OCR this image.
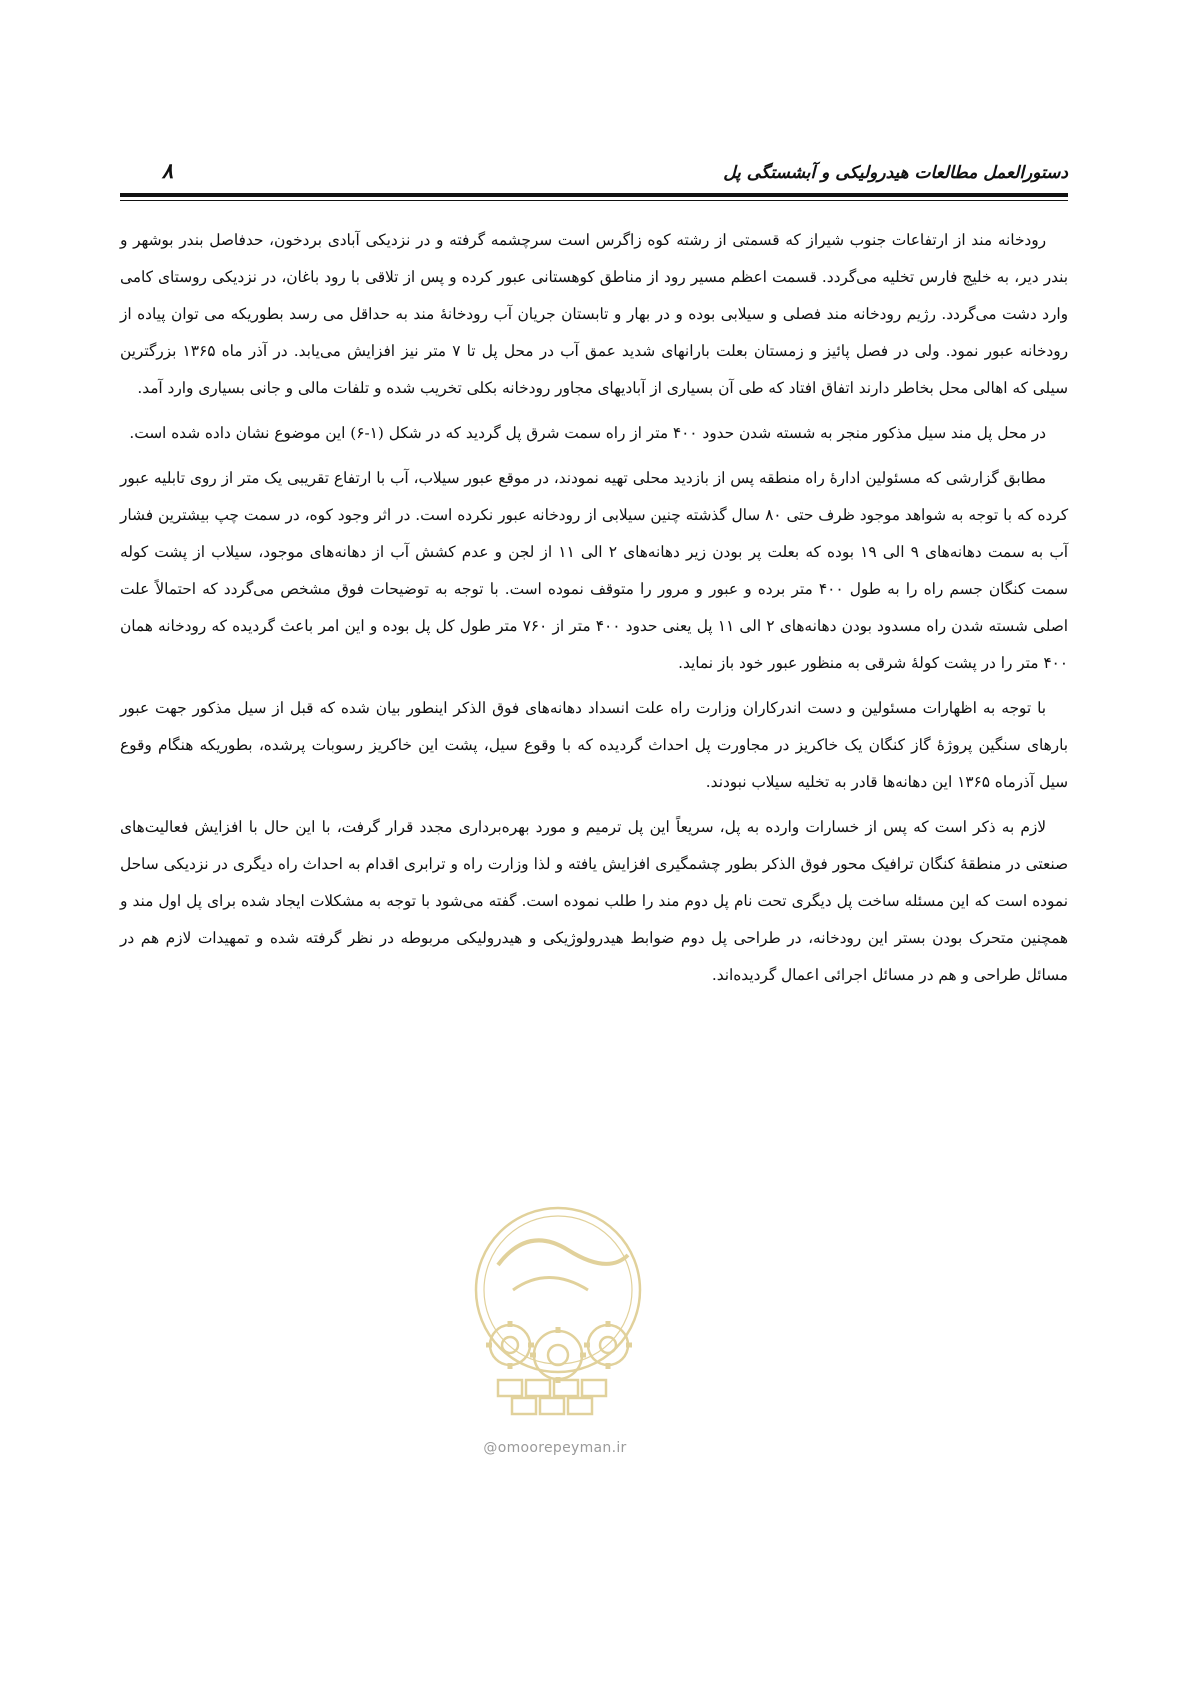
دستورالعمل مطالعات هیدرولیکی و آبشستگی پل
۸

رودخانه مند از ارتفاعات جنوب شیراز که قسمتی از رشته کوه زاگرس است سرچشمه گرفته و در نزدیکی آبادی بردخون، حدفاصل بندر بوشهر و بندر دیر، به خلیج فارس تخلیه می‌گردد. قسمت اعظم مسیر رود از مناطق کوهستانی عبور کرده و پس از تلاقی با رود باغان، در نزدیکی روستای کامی وارد دشت می‌گردد. رژیم رودخانه مند فصلی و سیلابی بوده و در بهار و تابستان جریان آب رودخانهٔ مند به حداقل می رسد بطوریکه می توان پیاده از رودخانه عبور نمود. ولی در فصل پائیز و زمستان بعلت بارانهای شدید عمق آب در محل پل تا ۷ متر نیز افزایش می‌یابد. در آذر ماه ۱۳۶۵ بزرگترین سیلی که اهالی محل بخاطر دارند اتفاق افتاد که طی آن بسیاری از آبادیهای مجاور رودخانه بکلی تخریب شده و تلفات مالی و جانی بسیاری وارد آمد.

در محل پل مند سیل مذکور منجر به شسته شدن حدود ۴۰۰ متر از راه سمت شرق پل گردید که در شکل (۱-۶) این موضوع نشان داده شده است.

مطابق گزارشی که مسئولین ادارهٔ راه منطقه پس از بازدید محلی تهیه نمودند، در موقع عبور سیلاب، آب با ارتفاع تقریبی یک متر از روی تابلیه عبور کرده که با توجه به شواهد موجود ظرف حتی ۸۰ سال گذشته چنین سیلابی از رودخانه عبور نکرده است. در اثر وجود کوه، در سمت چپ بیشترین فشار آب به سمت دهانه‌های ۹ الی ۱۹ بوده که بعلت پر بودن زیر دهانه‌های ۲ الی ۱۱ از لجن و عدم کشش آب از دهانه‌های موجود، سیلاب از پشت کوله سمت کنگان جسم راه را به طول ۴۰۰ متر برده و عبور و مرور را متوقف نموده است. با توجه به توضیحات فوق مشخص می‌گردد که احتمالاً علت اصلی شسته شدن راه مسدود بودن دهانه‌های ۲ الی ۱۱ پل یعنی حدود ۴۰۰ متر از ۷۶۰ متر طول کل پل بوده و این امر باعث گردیده که رودخانه همان ۴۰۰ متر را در پشت کولهٔ شرقی به منظور عبور خود باز نماید.

با توجه به اظهارات مسئولین و دست اندرکاران وزارت راه علت انسداد دهانه‌های فوق الذکر اینطور بیان شده که قبل از سیل مذکور جهت عبور بارهای سنگین پروژهٔ گاز کنگان یک خاکریز در مجاورت پل احداث گردیده که با وقوع سیل، پشت این خاکریز رسوبات پرشده، بطوریکه هنگام وقوع سیل آذرماه ۱۳۶۵ این دهانه‌ها قادر به تخلیه سیلاب نبودند.

لازم به ذکر است که پس از خسارات وارده به پل، سریعاً این پل ترمیم و مورد بهره‌برداری مجدد قرار گرفت، با این حال با افزایش فعالیت‌های صنعتی در منطقهٔ کنگان ترافیک محور فوق الذکر بطور چشمگیری افزایش یافته و لذا وزارت راه و ترابری اقدام به احداث راه دیگری در نزدیکی ساحل نموده است که این مسئله ساخت پل دیگری تحت نام پل دوم مند را طلب نموده است. گفته می‌شود با توجه به مشکلات ایجاد شده برای پل اول مند و همچنین متحرک بودن بستر این رودخانه، در طراحی پل دوم ضوابط هیدرولوژیکی و هیدرولیکی مربوطه در نظر گرفته شده و تمهیدات لازم هم در مسائل طراحی و هم در مسائل اجرائی اعمال گردیده‌اند.

@omoorepeyman.ir
